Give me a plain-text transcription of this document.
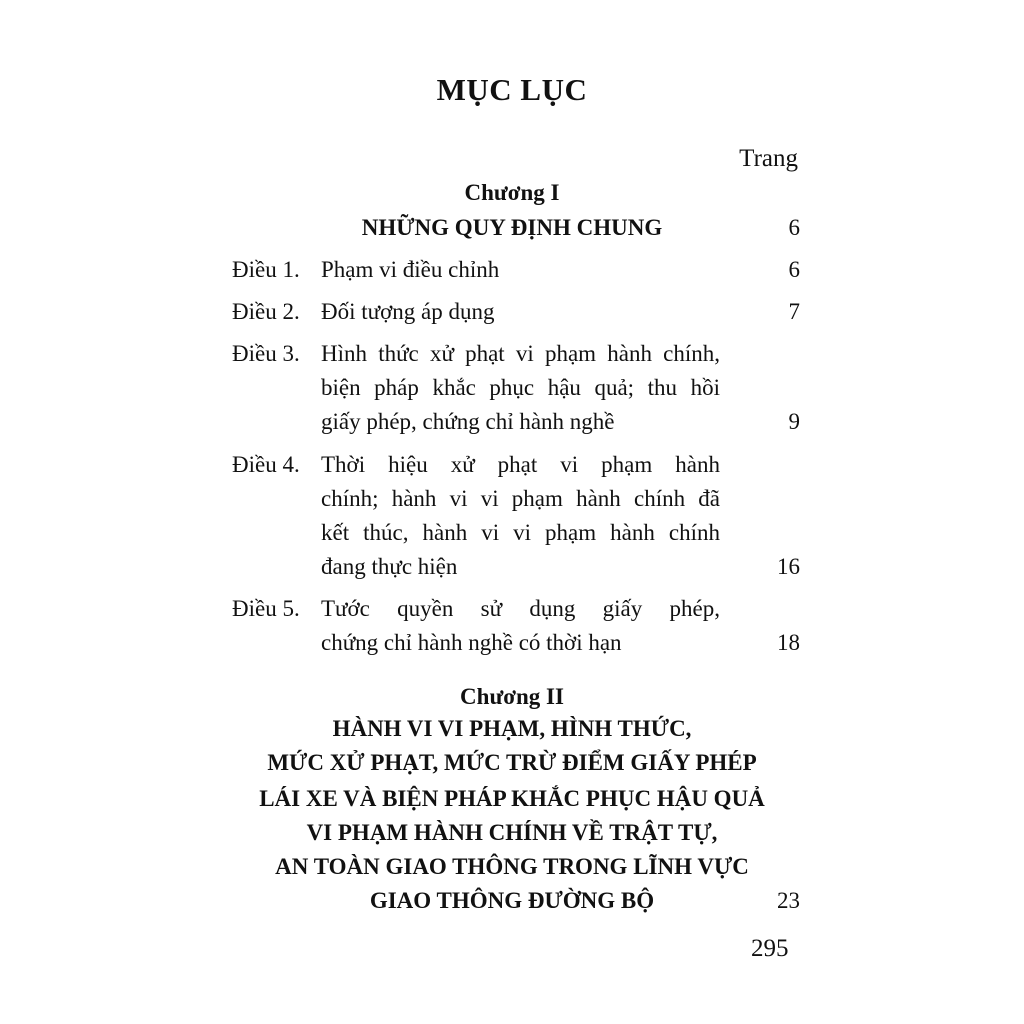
MỤC LỤC
Trang
Chương I
NHỮNG QUY ĐỊNH CHUNG	6
Điều 1. Phạm vi điều chỉnh	6
Điều 2. Đối tượng áp dụng	7
Điều 3. Hình thức xử phạt vi phạm hành chính,
biện pháp khắc phục hậu quả; thu hồi
giấy phép, chứng chỉ hành nghề	9
Điều 4. Thời hiệu xử phạt vi phạm hành
chính; hành vi vi phạm hành chính đã
kết thúc, hành vi vi phạm hành chính
đang thực hiện	16
Điều 5. Tước quyền sử dụng giấy phép,
chứng chỉ hành nghề có thời hạn	18
Chương II
HÀNH VI VI PHẠM, HÌNH THỨC,
MỨC XỬ PHẠT, MỨC TRỪ ĐIỂM GIẤY PHÉP
LÁI XE VÀ BIỆN PHÁP KHẮC PHỤC HẬU QUẢ
VI PHẠM HÀNH CHÍNH VỀ TRẬT TỰ,
AN TOÀN GIAO THÔNG TRONG LĨNH VỰC
GIAO THÔNG ĐƯỜNG BỘ	23
295
